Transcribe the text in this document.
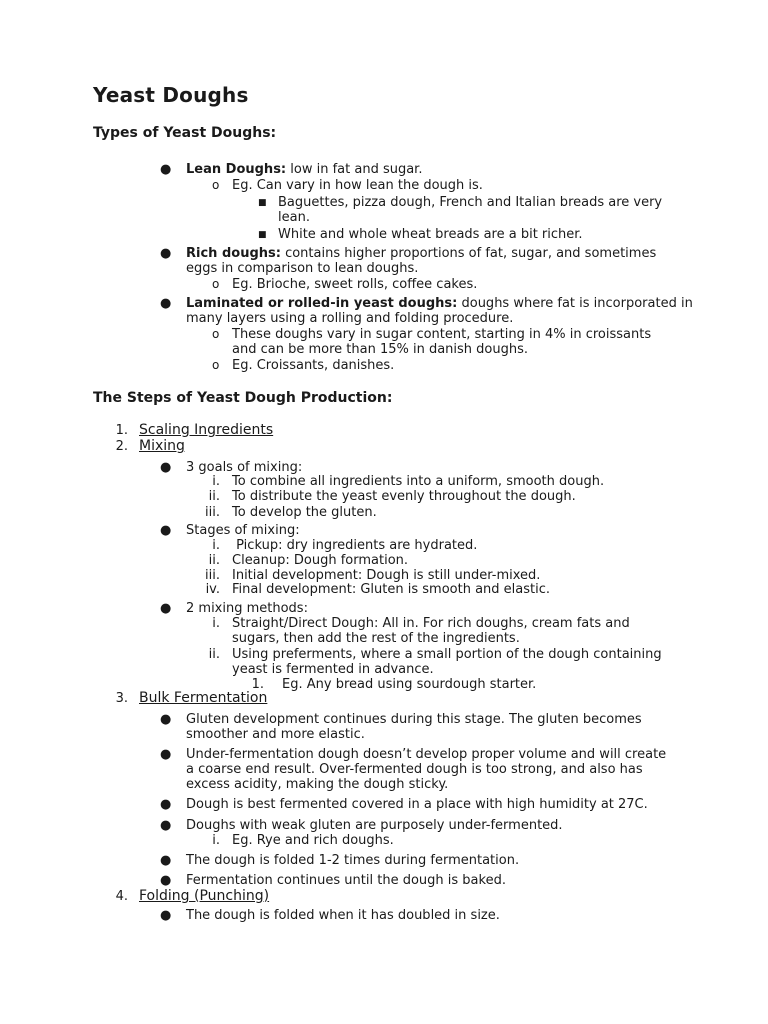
Yeast Doughs
Types of Yeast Doughs:
● Lean Doughs: low in fat and sugar.
o Eg. Can vary in how lean the dough is.
■ Baguettes, pizza dough, French and Italian breads are very
lean.
■ White and whole wheat breads are a bit richer.
● Rich doughs: contains higher proportions of fat, sugar, and sometimes
eggs in comparison to lean doughs.
o Eg. Brioche, sweet rolls, coffee cakes.
● Laminated or rolled-in yeast doughs: doughs where fat is incorporated in
many layers using a rolling and folding procedure.
o These doughs vary in sugar content, starting in 4% in croissants
and can be more than 15% in danish doughs.
o Eg. Croissants, danishes.
The Steps of Yeast Dough Production:
1. Scaling Ingredients
2. Mixing
● 3 goals of mixing:
i. To combine all ingredients into a uniform, smooth dough.
ii. To distribute the yeast evenly throughout the dough.
iii. To develop the gluten.
● Stages of mixing:
i. Pickup: dry ingredients are hydrated.
ii. Cleanup: Dough formation.
iii. Initial development: Dough is still under-mixed.
iv. Final development: Gluten is smooth and elastic.
● 2 mixing methods:
i. Straight/Direct Dough: All in. For rich doughs, cream fats and
sugars, then add the rest of the ingredients.
ii. Using preferments, where a small portion of the dough containing
yeast is fermented in advance.
1. Eg. Any bread using sourdough starter.
3. Bulk Fermentation
● Gluten development continues during this stage. The gluten becomes
smoother and more elastic.
● Under-fermentation dough doesn’t develop proper volume and will create
a coarse end result. Over-fermented dough is too strong, and also has
excess acidity, making the dough sticky.
● Dough is best fermented covered in a place with high humidity at 27C.
● Doughs with weak gluten are purposely under-fermented.
i. Eg. Rye and rich doughs.
● The dough is folded 1-2 times during fermentation.
● Fermentation continues until the dough is baked.
4. Folding (Punching)
● The dough is folded when it has doubled in size.
